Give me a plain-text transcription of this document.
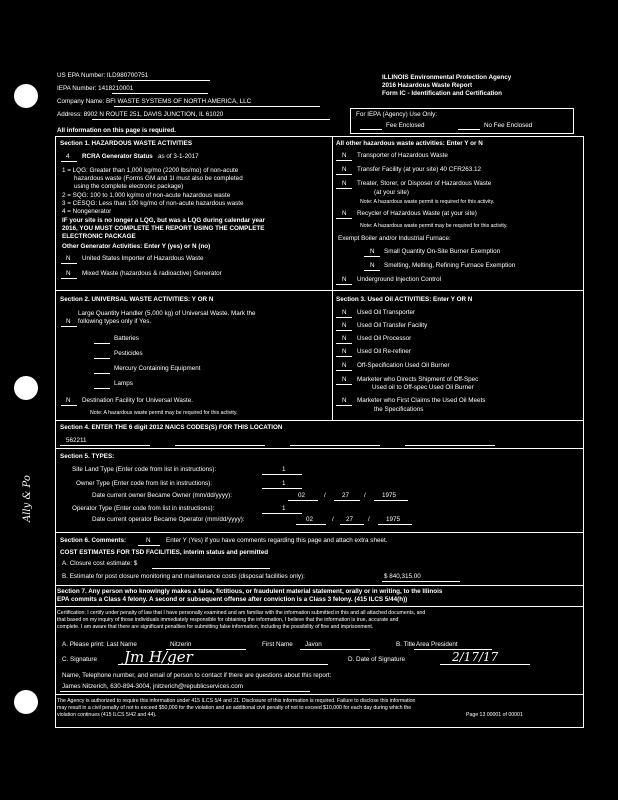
Ally & Po
US EPA Number: ILD980700751
IEPA Number: 1418210001
Company Name: BFI WASTE SYSTEMS OF NORTH AMERICA, LLC
Address: 8902 N ROUTE 251, DAVIS JUNCTION, IL 61020
All information on this page is required.
ILLINOIS Environmental Protection Agency
2016 Hazardous Waste Report
Form IC - Identification and Certification
For IEPA (Agency) Use Only:
Fee Enclosed	No Fee Enclosed
Section 1. HAZARDOUS WASTE ACTIVITIES
4 RCRA Generator Status as of 3-1-2017
1 = LQG: Greater than 1,000 kg/mo (2200 lbs/mo) of non-acute
hazardous waste (Forms GM and 1I must also be completed
using the complete electronic package)
2 = SQG: 100 to 1,000 kg/mo of non-acute hazardous waste
3 = CESQG: Less than 100 kg/mo of non-acute hazardous waste
4 = Nongenerator
IF your site is no longer a LQG, but was a LQG during calendar year
2016, YOU MUST COMPLETE THE REPORT USING THE COMPLETE
ELECTRONIC PACKAGE
Other Generator Activities: Enter Y (yes) or N (no)
N United States Importer of Hazardous Waste
N Mixed Waste (hazardous & radioactive) Generator
All other hazardous waste activities: Enter Y or N
N Transporter of Hazardous Waste
N Transfer Facility (at your site) 40 CFR263.12
N Treater, Storer, or Disposer of Hazardous Waste
(at your site)
Note: A hazardous waste permit is required for this activity.
N Recycler of Hazardous Waste (at your site)
Note: A hazardous waste permit may be required for this activity.
Exempt Boiler and/or Industrial Furnace:
N Small Quantity On-Site Burner Exemption
N Smelting, Melting, Refining Furnace Exemption
N Underground Injection Control
Section 2. UNIVERSAL WASTE ACTIVITIES: Y OR N
Large Quantity Handler (5,000 kg) of Universal Waste. Mark the
N following types only if Yes.
Batteries
Pesticides
Mercury Containing Equipment
Lamps
N Destination Facility for Universal Waste.
Note: A hazardous waste permit may be required for this activity.
Section 3. Used Oil ACTIVITIES: Enter Y OR N
N Used Oil Transporter
N Used Oil Transfer Facility
N Used Oil Processor
N Used Oil Re-refiner
N Off-Specification Used Oil Burner
N Marketer who Directs Shipment of Off-Spec
Used oil to Off-spec Used Oil Burner
N Marketer who First Claims the Used Oil Meets
the Specifications
Section 4. ENTER THE 6 digit 2012 NAICS CODES(S) FOR THIS LOCATION
562211
Section 5. TYPES:
Site Land Type (Enter code from list in instructions):	1
Owner Type (Enter code from list in instructions):	1
Date current owner Became Owner (mm/dd/yyyy):	02	/	27 /	1975
Operator Type (Enter code from list in instructions):	1
Date current operator Became Operator (mm/dd/yyyy):	02	/ 27 /	1975
Section 6. Comments:	N Enter Y (Yes) if you have comments regarding this page and attach extra sheet.
COST ESTIMATES FOR TSD FACILITIES, interim status and permitted
A. Closure cost estimate: $
B. Estimate for post closure monitoring and maintenance costs (disposal facilities only):	$ 840,315.00
Section 7. Any person who knowingly makes a false, fictitious, or fraudulent material statement, orally or in writing, to the Illinois
EPA commits a Class 4 felony. A second or subsequent offense after conviction is a Class 3 felony. (415 ILCS 5/44(h))
Certification: I certify under penalty of law that I have personally examined and am familiar with the information submitted in this and all attached documents, and
that based on my inquiry of those individuals immediately responsible for obtaining the information, I believe that the information is true, accurate and
complete. I am aware that there are significant penalties for submitting false information, including the possibility of fine and imprisonment.
A. Please print: Last Name	Nitzerin	First Name Javon	B. Title Area President
C. Signature Jm H/ger	D. Date of Signature	2/17/17
Name, Telephone number, and email of person to contact if there are questions about this report:
James Nitzerich, 630-894-3004, jnitzerich@republicservices.com
The Agency is authorized to require this information under 415 ILCS 5/4 and 21. Disclosure of this information is required. Failure to disclose this information
may result in a civil penalty of not to exceed $50,000 for the violation and an additional civil penalty of not to exceed $10,000 for each day during which the
violation continues (415 ILCS 5/42 and 44).	Page 13 00001 of 00001
